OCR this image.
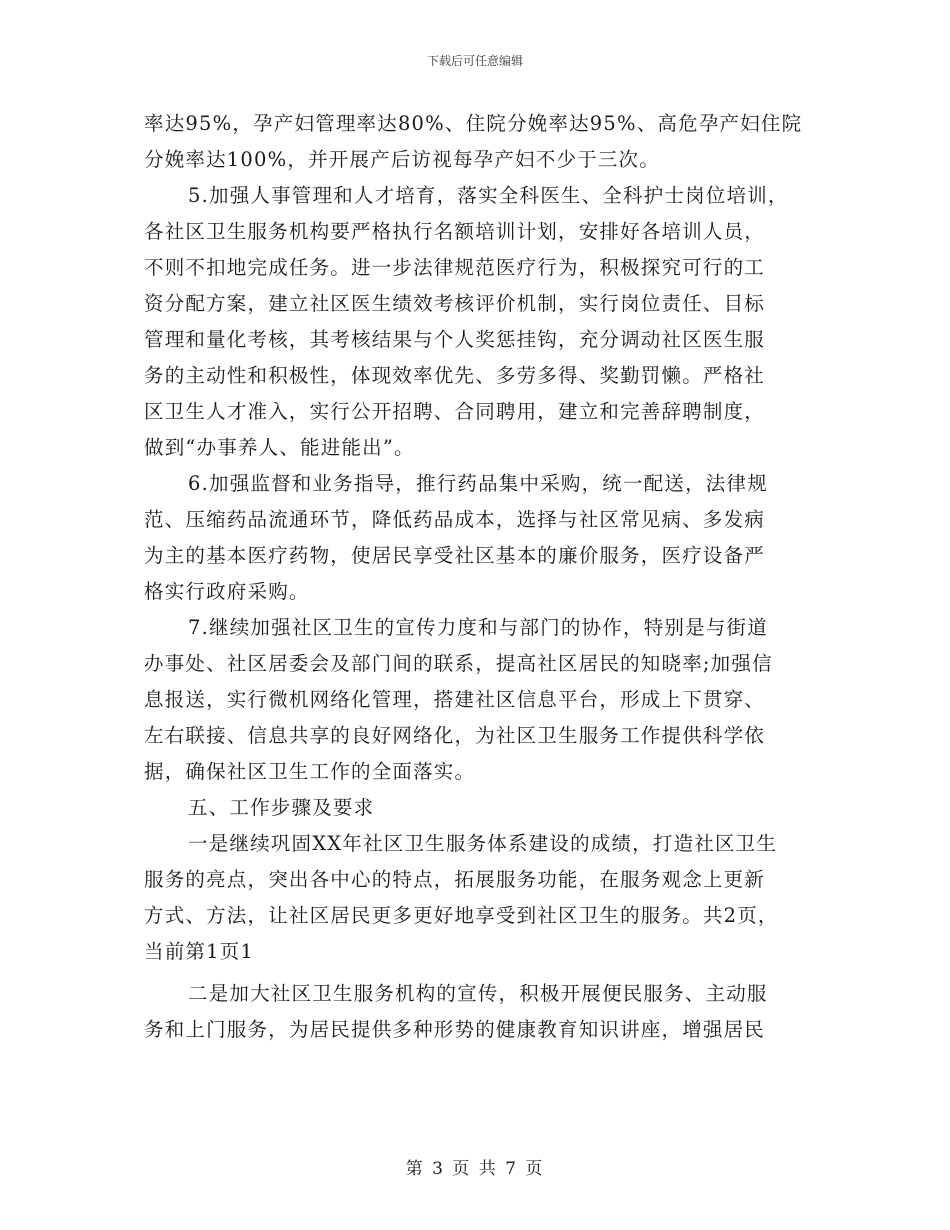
下载后可任意编辑

率达95%，孕产妇管理率达80%、住院分娩率达95%、高危孕产妇住院
分娩率达100%，并开展产后访视每孕产妇不少于三次。

5.加强人事管理和人才培育，落实全科医生、全科护士岗位培训，
各社区卫生服务机构要严格执行名额培训计划，安排好各培训人员，
不则不扣地完成任务。进一步法律规范医疗行为，积极探究可行的工
资分配方案，建立社区医生绩效考核评价机制，实行岗位责任、目标
管理和量化考核，其考核结果与个人奖惩挂钩，充分调动社区医生服
务的主动性和积极性，体现效率优先、多劳多得、奖勤罚懒。严格社
区卫生人才准入，实行公开招聘、合同聘用，建立和完善辞聘制度，
做到“办事养人、能进能出”。

6.加强监督和业务指导，推行药品集中采购，统一配送，法律规
范、压缩药品流通环节，降低药品成本，选择与社区常见病、多发病
为主的基本医疗药物，使居民享受社区基本的廉价服务，医疗设备严
格实行政府采购。

7.继续加强社区卫生的宣传力度和与部门的协作，特别是与街道
办事处、社区居委会及部门间的联系，提高社区居民的知晓率;加强信
息报送，实行微机网络化管理，搭建社区信息平台，形成上下贯穿、
左右联接、信息共享的良好网络化，为社区卫生服务工作提供科学依
据，确保社区卫生工作的全面落实。

五、工作步骤及要求

一是继续巩固XX年社区卫生服务体系建设的成绩，打造社区卫生
服务的亮点，突出各中心的特点，拓展服务功能，在服务观念上更新
方式、方法，让社区居民更多更好地享受到社区卫生的服务。共2页，
当前第1页1

二是加大社区卫生服务机构的宣传，积极开展便民服务、主动服
务和上门服务，为居民提供多种形势的健康教育知识讲座，增强居民

第 3 页 共 7 页
